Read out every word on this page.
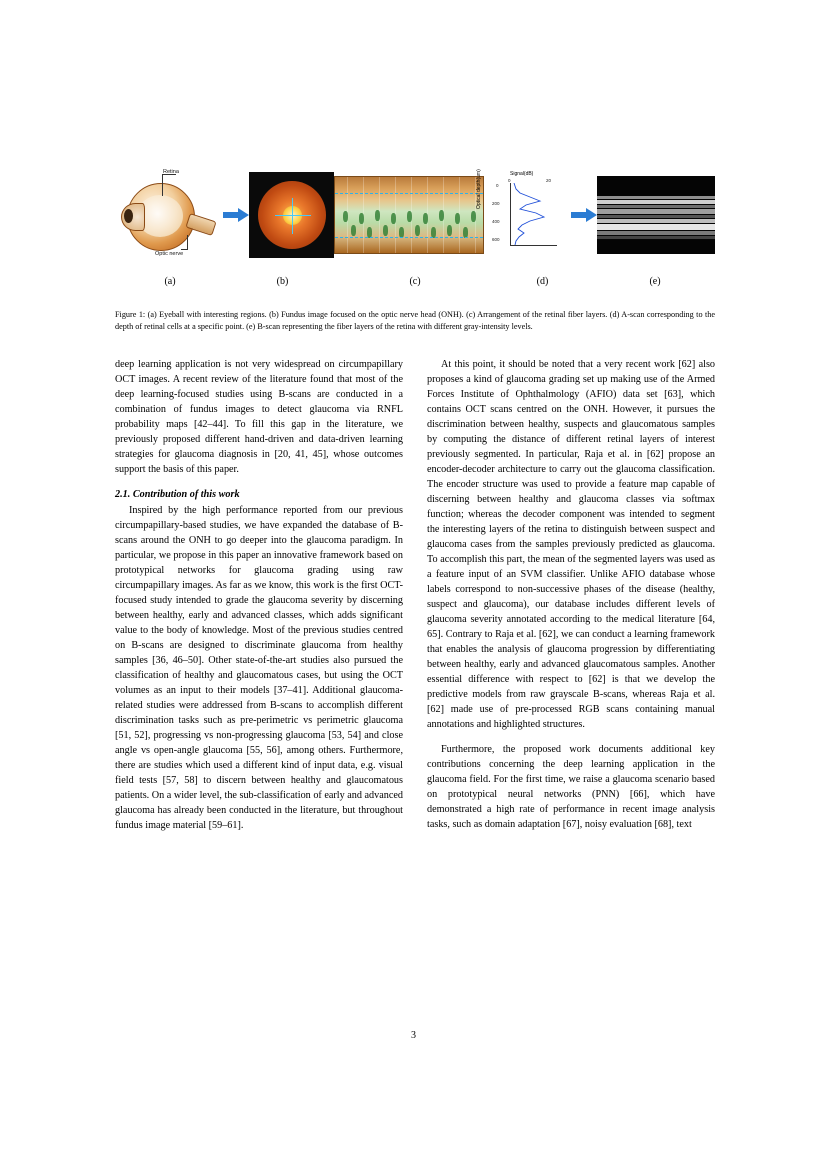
Retina
Optic nerve
Signal(dB)
0	20
Optical depth(um)	0
200
400
600
(a)	(b)	(c)	(d)	(e)
Figure 1: (a) Eyeball with interesting regions. (b) Fundus image focused on the optic nerve head (ONH). (c) Arrangement of the retinal fiber layers. (d) A-scan corresponding to the depth of retinal cells at a specific point. (e) B-scan representing the fiber layers of the retina with different gray-intensity levels.

deep learning application is not very widespread on circumpapillary OCT images. A recent review of the literature found that most of the deep learning-focused studies using B-scans are conducted in a combination of fundus images to detect glaucoma via RNFL probability maps [42–44]. To fill this gap in the literature, we previously proposed different hand-driven and data-driven learning strategies for glaucoma diagnosis in [20, 41, 45], whose outcomes support the basis of this paper.

2.1. Contribution of this work

Inspired by the high performance reported from our previous circumpapillary-based studies, we have expanded the database of B-scans around the ONH to go deeper into the glaucoma paradigm. In particular, we propose in this paper an innovative framework based on prototypical networks for glaucoma grading using raw circumpapillary images. As far as we know, this work is the first OCT-focused study intended to grade the glaucoma severity by discerning between healthy, early and advanced classes, which adds significant value to the body of knowledge. Most of the previous studies centred on B-scans are designed to discriminate glaucoma from healthy samples [36, 46–50]. Other state-of-the-art studies also pursued the classification of healthy and glaucomatous cases, but using the OCT volumes as an input to their models [37–41]. Additional glaucoma-related studies were addressed from B-scans to accomplish different discrimination tasks such as pre-perimetric vs perimetric glaucoma [51, 52], progressing vs non-progressing glaucoma [53, 54] and close angle vs open-angle glaucoma [55, 56], among others. Furthermore, there are studies which used a different kind of input data, e.g. visual field tests [57, 58] to discern between healthy and glaucomatous patients. On a wider level, the sub-classification of early and advanced glaucoma has already been conducted in the literature, but throughout fundus image material [59–61].

At this point, it should be noted that a very recent work [62] also proposes a kind of glaucoma grading set up making use of the Armed Forces Institute of Ophthalmology (AFIO) data set [63], which contains OCT scans centred on the ONH. However, it pursues the discrimination between healthy, suspects and glaucomatous samples by computing the distance of different retinal layers of interest previously segmented. In particular, Raja et al. in [62] propose an encoder-decoder architecture to carry out the glaucoma classification. The encoder structure was used to provide a feature map capable of discerning between healthy and glaucoma classes via softmax function; whereas the decoder component was intended to segment the interesting layers of the retina to distinguish between suspect and glaucoma cases from the samples previously predicted as glaucoma. To accomplish this part, the mean of the segmented layers was used as a feature input of an SVM classifier. Unlike AFIO database whose labels correspond to non-successive phases of the disease (healthy, suspect and glaucoma), our database includes different levels of glaucoma severity annotated according to the medical literature [64, 65]. Contrary to Raja et al. [62], we can conduct a learning framework that enables the analysis of glaucoma progression by differentiating between healthy, early and advanced glaucomatous samples. Another essential difference with respect to [62] is that we develop the predictive models from raw grayscale B-scans, whereas Raja et al. [62] made use of pre-processed RGB scans containing manual annotations and highlighted structures.

Furthermore, the proposed work documents additional key contributions concerning the deep learning application in the glaucoma field. For the first time, we raise a glaucoma scenario based on prototypical neural networks (PNN) [66], which have demonstrated a high rate of performance in recent image analysis tasks, such as domain adaptation [67], noisy evaluation [68], text

3
